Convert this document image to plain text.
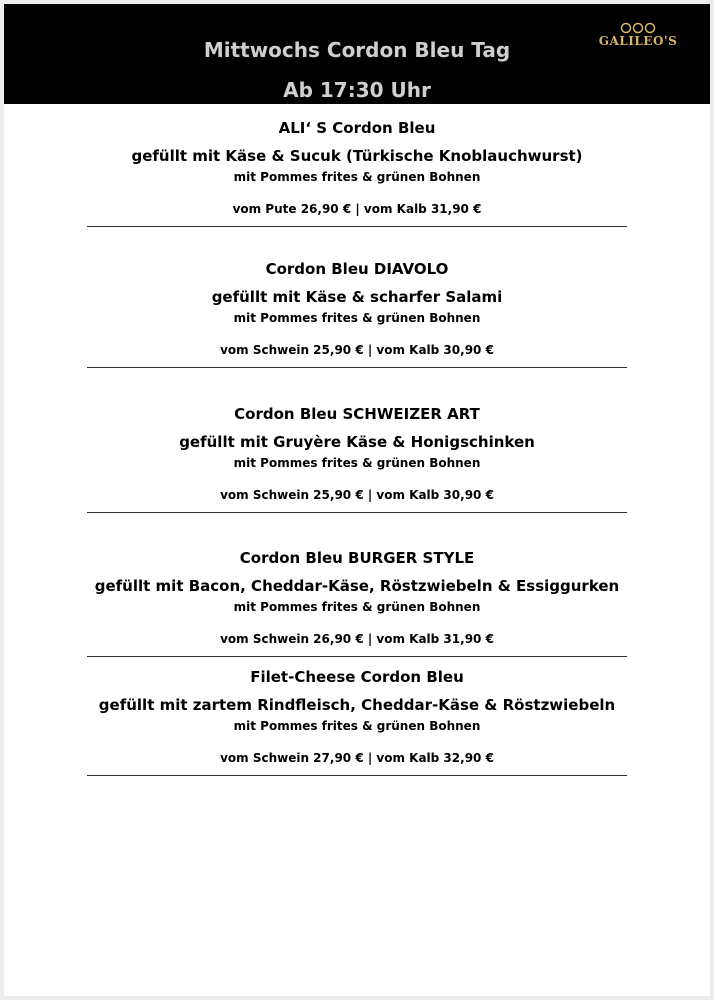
Mittwochs Cordon Bleu Tag
Ab 17:30 Uhr
GALILEO'S
ALI‘ S Cordon Bleu
gefüllt mit Käse & Sucuk (Türkische Knoblauchwurst)
mit Pommes frites & grünen Bohnen
vom Pute 26,90 € | vom Kalb 31,90 €
Cordon Bleu DIAVOLO
gefüllt mit Käse & scharfer Salami
mit Pommes frites & grünen Bohnen
vom Schwein 25,90 € | vom Kalb 30,90 €
Cordon Bleu SCHWEIZER ART
gefüllt mit Gruyère Käse & Honigschinken
mit Pommes frites & grünen Bohnen
vom Schwein 25,90 € | vom Kalb 30,90 €
Cordon Bleu BURGER STYLE
gefüllt mit Bacon, Cheddar-Käse, Röstzwiebeln & Essiggurken
mit Pommes frites & grünen Bohnen
vom Schwein 26,90 € | vom Kalb 31,90 €
Filet-Cheese Cordon Bleu
gefüllt mit zartem Rindfleisch, Cheddar-Käse & Röstzwiebeln
mit Pommes frites & grünen Bohnen
vom Schwein 27,90 € | vom Kalb 32,90 €
